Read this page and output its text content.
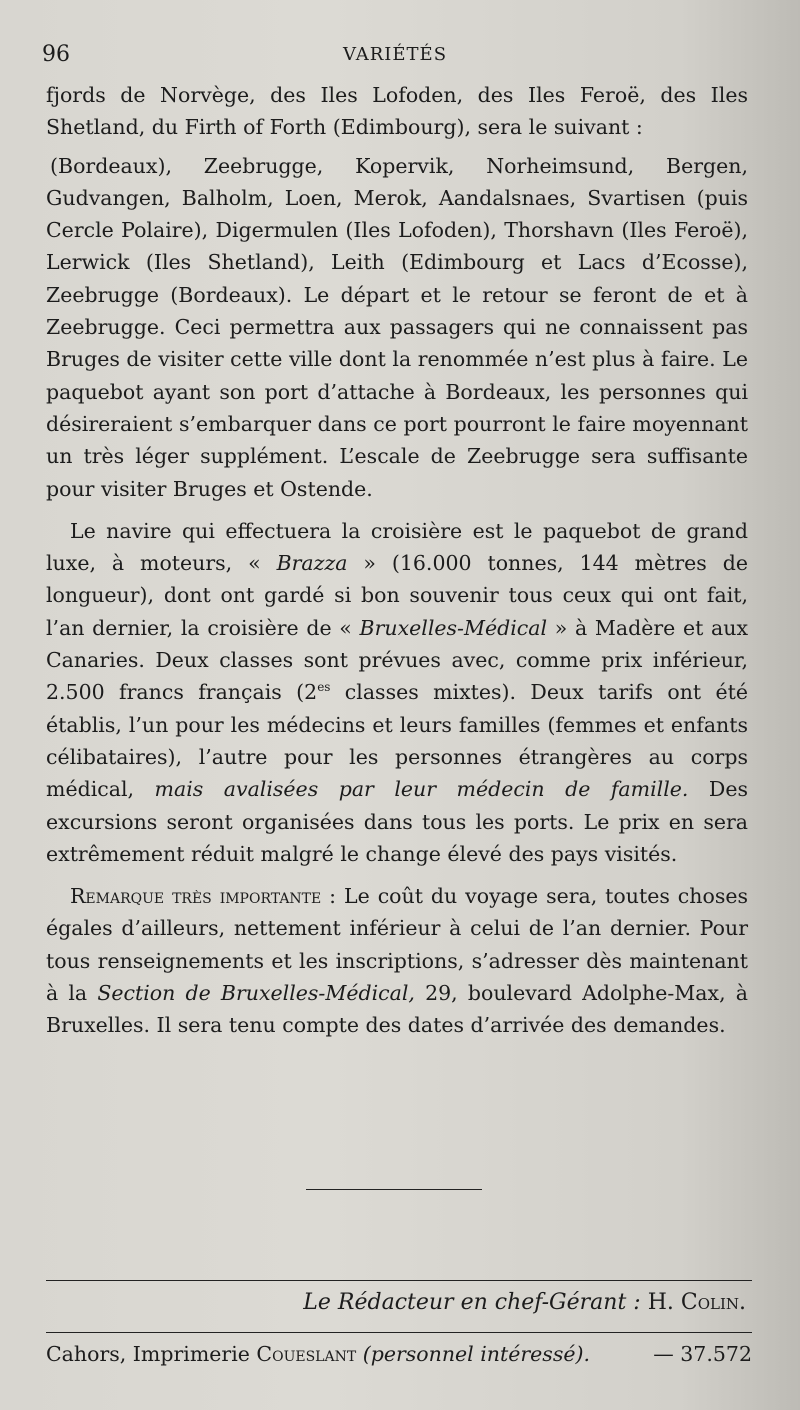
96	VARIÉTÉS

fjords de Norvège, des Iles Lofoden, des Iles Feroë, des Iles Shetland, du Firth of Forth (Edimbourg), sera le suivant :

(Bordeaux), Zeebrugge, Kopervik, Norheimsund, Bergen, Gudvangen, Balholm, Loen, Merok, Aandalsnaes, Svartisen (puis Cercle Polaire), Digermulen (Iles Lofoden), Thorshavn (Iles Feroë), Lerwick (Iles Shetland), Leith (Edimbourg et Lacs d’Ecosse), Zeebrugge (Bordeaux). Le départ et le retour se feront de et à Zeebrugge. Ceci permettra aux passagers qui ne connaissent pas Bruges de visiter cette ville dont la renommée n’est plus à faire. Le paquebot ayant son port d’attache à Bordeaux, les personnes qui désireraient s’embarquer dans ce port pourront le faire moyennant un très léger supplément. L’escale de Zeebrugge sera suffisante pour visiter Bruges et Ostende.

Le navire qui effectuera la croisière est le paquebot de grand luxe, à moteurs, « Brazza » (16.000 tonnes, 144 mètres de longueur), dont ont gardé si bon souvenir tous ceux qui ont fait, l’an dernier, la croisière de « Bruxelles-Médical » à Madère et aux Canaries. Deux classes sont prévues avec, comme prix inférieur, 2.500 francs français ($2^{es}$ classes mixtes). Deux tarifs ont été établis, l’un pour les médecins et leurs familles (femmes et enfants célibataires), l’autre pour les personnes étrangères au corps médical, mais avalisées par leur médecin de famille. Des excursions seront organisées dans tous les ports. Le prix en sera extrêmement réduit malgré le change élevé des pays visités.

Remarque très importante : Le coût du voyage sera, toutes choses égales d’ailleurs, nettement inférieur à celui de l’an dernier. Pour tous renseignements et les inscriptions, s’adresser dès maintenant à la Section de Bruxelles-Médical, 29, boulevard Adolphe-Max, à Bruxelles. Il sera tenu compte des dates d’arrivée des demandes.

Le Rédacteur en chef-Gérant : H. Colin.
Cahors, Imprimerie Coueslant (personnel intéressé).	— 37.572
